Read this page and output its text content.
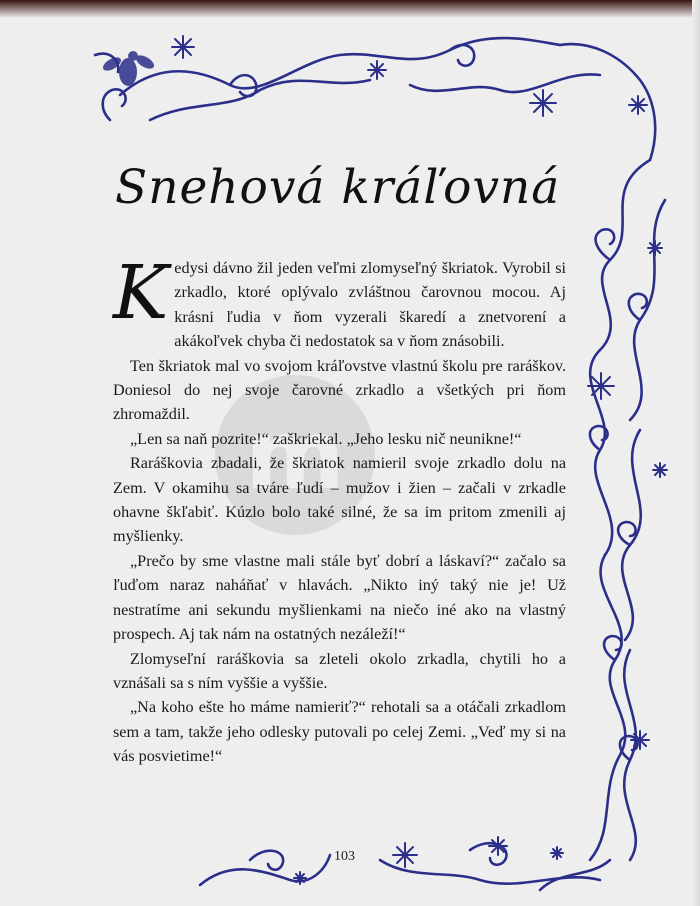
Snehová kráľovná
m

Kedysi dávno žil jeden veľmi zlomyseľný škriatok. Vyrobil si zrkadlo, ktoré oplývalo zvláštnou čarovnou mocou. Aj krásni ľudia v ňom vyzerali škaredí a znetvorení a akákoľvek chyba či nedostatok sa v ňom znásobili.

Ten škriatok mal vo svojom kráľovstve vlastnú školu pre raráškov. Doniesol do nej svoje čarovné zrkadlo a všetkých pri ňom zhromaždil.

„Len sa naň pozrite!“ zaškriekal. „Jeho lesku nič neunikne!“

Raráškovia zbadali, že škriatok namieril svoje zrkadlo dolu na Zem. V okamihu sa tváre ľudí – mužov i žien – začali v zrkadle ohavne škľabiť. Kúzlo bolo také silné, že sa im pritom zmenili aj myšlienky.

„Prečo by sme vlastne mali stále byť dobrí a láskaví?“ začalo sa ľuďom naraz naháňať v hlavách. „Nikto iný taký nie je! Už nestratíme ani sekundu myšlienkami na niečo iné ako na vlastný prospech. Aj tak nám na ostatných nezáleží!“

Zlomyseľní raráškovia sa zleteli okolo zrkadla, chytili ho a vznášali sa s ním vyššie a vyššie.

„Na koho ešte ho máme namieriť?“ rehotali sa a otáčali zrkadlom sem a tam, takže jeho odlesky putovali po celej Zemi. „Veď my si na vás posvietime!“

103
